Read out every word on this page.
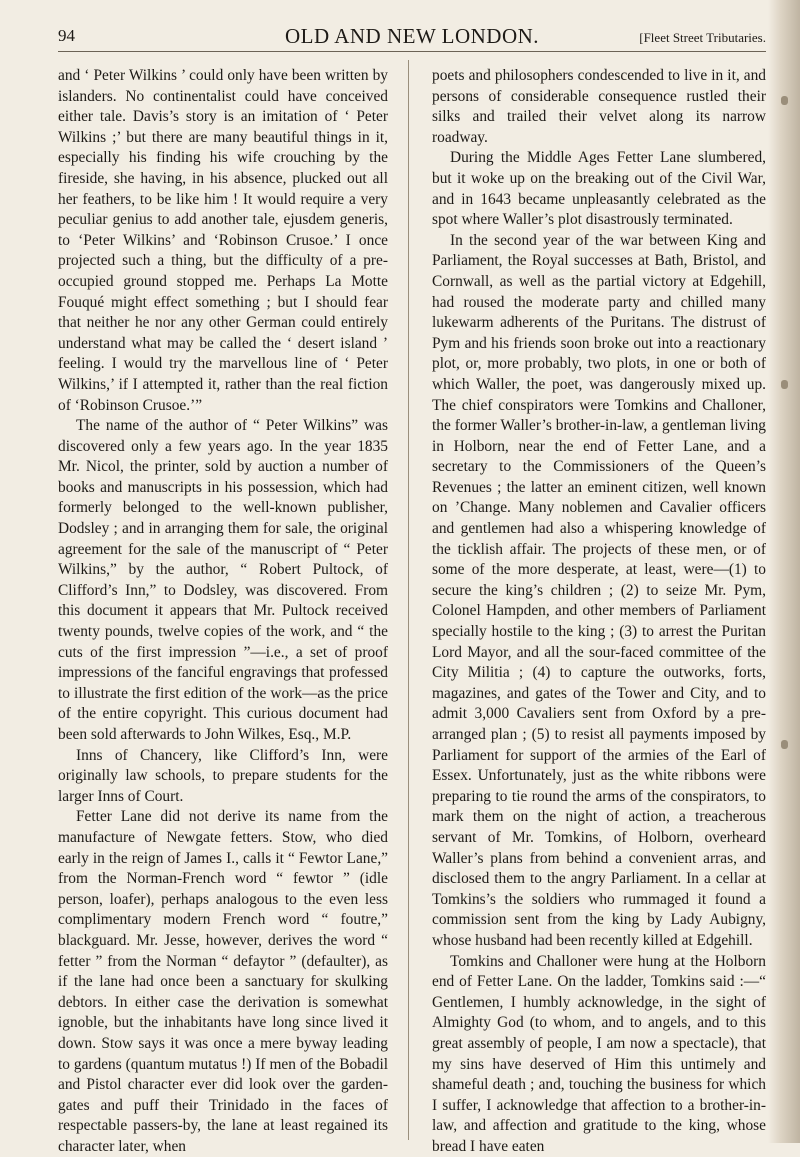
94	OLD AND NEW LONDON.	[Fleet Street Tributaries.

and ‘ Peter Wilkins ’ could only have been written by islanders. No continentalist could have conceived either tale. Davis’s story is an imitation of ‘ Peter Wilkins ;’ but there are many beautiful things in it, especially his finding his wife crouching by the fireside, she having, in his absence, plucked out all her feathers, to be like him ! It would require a very peculiar genius to add another tale, ejusdem generis, to ‘Peter Wilkins’ and ‘Robinson Crusoe.’ I once projected such a thing, but the difficulty of a pre-occupied ground stopped me. Perhaps La Motte Fouqué might effect something ; but I should fear that neither he nor any other German could entirely understand what may be called the ‘ desert island ’ feeling. I would try the marvellous line of ‘ Peter Wilkins,’ if I attempted it, rather than the real fiction of ‘Robinson Crusoe.’”

The name of the author of “ Peter Wilkins” was discovered only a few years ago. In the year 1835 Mr. Nicol, the printer, sold by auction a number of books and manuscripts in his possession, which had formerly belonged to the well-known publisher, Dodsley ; and in arranging them for sale, the original agreement for the sale of the manuscript of “ Peter Wilkins,” by the author, “ Robert Pultock, of Clifford’s Inn,” to Dodsley, was discovered. From this document it appears that Mr. Pultock received twenty pounds, twelve copies of the work, and “ the cuts of the first impression ”—i.e., a set of proof impressions of the fanciful engravings that professed to illustrate the first edition of the work—as the price of the entire copyright. This curious document had been sold afterwards to John Wilkes, Esq., M.P.

Inns of Chancery, like Clifford’s Inn, were originally law schools, to prepare students for the larger Inns of Court.

Fetter Lane did not derive its name from the manufacture of Newgate fetters. Stow, who died early in the reign of James I., calls it “ Fewtor Lane,” from the Norman-French word “ fewtor ” (idle person, loafer), perhaps analogous to the even less complimentary modern French word “ foutre,” blackguard. Mr. Jesse, however, derives the word “ fetter ” from the Norman “ defaytor ” (defaulter), as if the lane had once been a sanctuary for skulking debtors. In either case the derivation is somewhat ignoble, but the inhabitants have long since lived it down. Stow says it was once a mere byway leading to gardens (quantum mutatus !) If men of the Bobadil and Pistol character ever did look over the garden-gates and puff their Trinidado in the faces of respectable passers-by, the lane at least regained its character later, when

poets and philosophers condescended to live in it, and persons of considerable consequence rustled their silks and trailed their velvet along its narrow roadway.

During the Middle Ages Fetter Lane slumbered, but it woke up on the breaking out of the Civil War, and in 1643 became unpleasantly celebrated as the spot where Waller’s plot disastrously terminated.

In the second year of the war between King and Parliament, the Royal successes at Bath, Bristol, and Cornwall, as well as the partial victory at Edgehill, had roused the moderate party and chilled many lukewarm adherents of the Puritans. The distrust of Pym and his friends soon broke out into a reactionary plot, or, more probably, two plots, in one or both of which Waller, the poet, was dangerously mixed up. The chief conspirators were Tomkins and Challoner, the former Waller’s brother-in-law, a gentleman living in Holborn, near the end of Fetter Lane, and a secretary to the Commissioners of the Queen’s Revenues ; the latter an eminent citizen, well known on ’Change. Many noblemen and Cavalier officers and gentlemen had also a whispering knowledge of the ticklish affair. The projects of these men, or of some of the more desperate, at least, were—(1) to secure the king’s children ; (2) to seize Mr. Pym, Colonel Hampden, and other members of Parliament specially hostile to the king ; (3) to arrest the Puritan Lord Mayor, and all the sour-faced committee of the City Militia ; (4) to capture the outworks, forts, magazines, and gates of the Tower and City, and to admit 3,000 Cavaliers sent from Oxford by a pre-arranged plan ; (5) to resist all payments imposed by Parliament for support of the armies of the Earl of Essex. Unfortunately, just as the white ribbons were preparing to tie round the arms of the conspirators, to mark them on the night of action, a treacherous servant of Mr. Tomkins, of Holborn, overheard Waller’s plans from behind a convenient arras, and disclosed them to the angry Parliament. In a cellar at Tomkins’s the soldiers who rummaged it found a commission sent from the king by Lady Aubigny, whose husband had been recently killed at Edgehill.

Tomkins and Challoner were hung at the Holborn end of Fetter Lane. On the ladder, Tomkins said :—“ Gentlemen, I humbly acknowledge, in the sight of Almighty God (to whom, and to angels, and to this great assembly of people, I am now a spectacle), that my sins have deserved of Him this untimely and shameful death ; and, touching the business for which I suffer, I acknowledge that affection to a brother-in-law, and affection and gratitude to the king, whose bread I have eaten
